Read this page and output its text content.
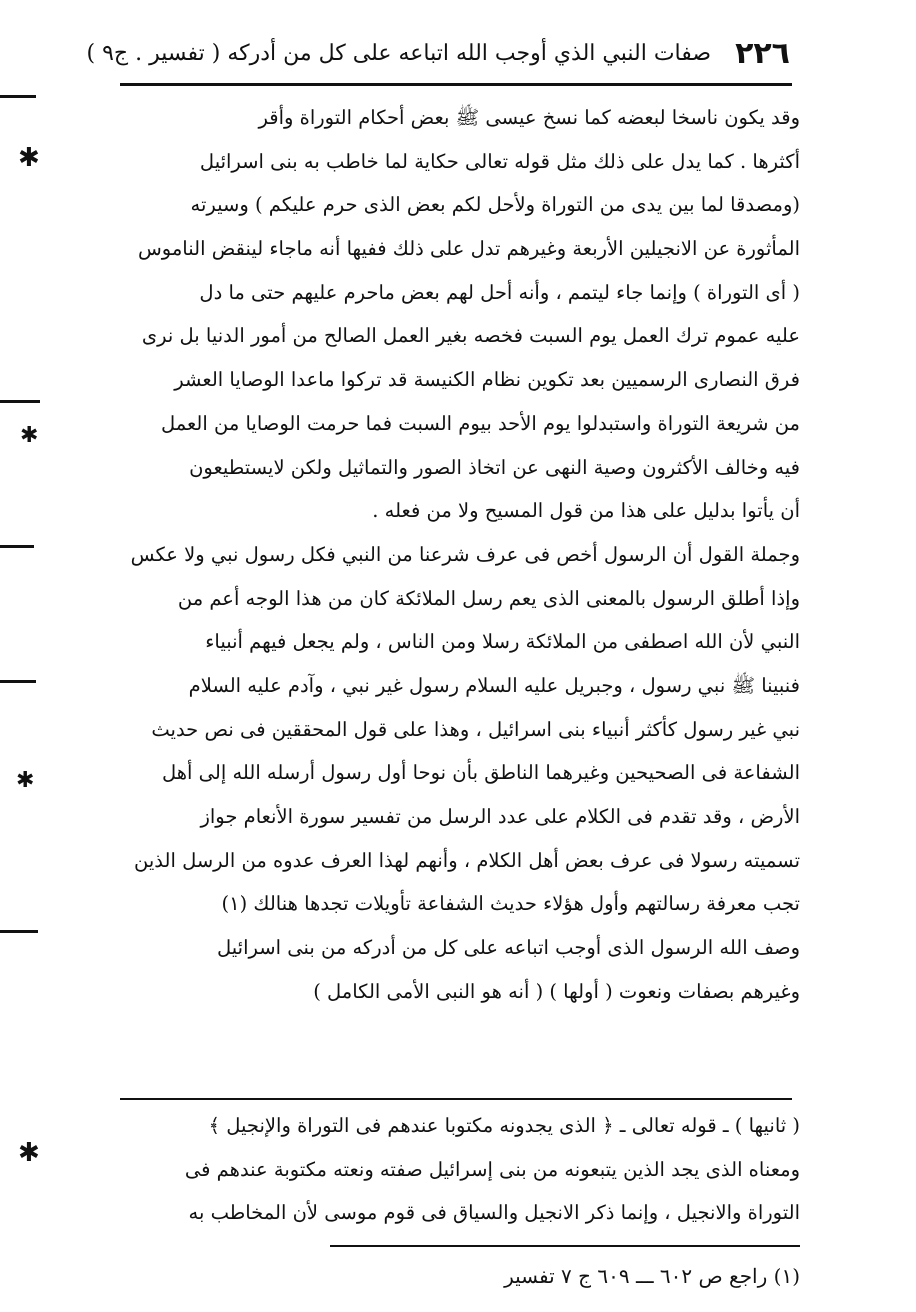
✱
✱
✱
✱
٢٢٦
صفات النبي الذي أوجب الله اتباعه على كل من أدركه ( تفسير . ج٩ )
وقد يكون ناسخا لبعضه كما نسخ عيسى ﷺ بعض أحكام التوراة وأقر
أكثرها . كما يدل على ذلك مثل قوله تعالى حكاية لما خاطب به بنى اسرائيل
(ومصدقا لما بين يدى من التوراة ولأحل لكم بعض الذى حرم عليكم ) وسيرته
المأثورة عن الانجيلين الأربعة وغيرهم تدل على ذلك ففيها أنه ماجاء لينقض الناموس
( أى التوراة ) وإنما جاء ليتمم ، وأنه أحل لهم بعض ماحرم عليهم حتى ما دل
عليه عموم ترك العمل يوم السبت فخصه بغير العمل الصالح من أمور الدنيا بل نرى
فرق النصارى الرسميين بعد تكوين نظام الكنيسة قد تركوا ماعدا الوصايا العشر
من شريعة التوراة واستبدلوا يوم الأحد بيوم السبت فما حرمت الوصايا من العمل
فيه وخالف الأكثرون وصية النهى عن اتخاذ الصور والتماثيل ولكن لايستطيعون
أن يأتوا بدليل على هذا من قول المسيح ولا من فعله .
وجملة القول أن الرسول أخص فى عرف شرعنا من النبي فكل رسول نبي ولا عكس
وإذا أطلق الرسول بالمعنى الذى يعم رسل الملائكة كان من هذا الوجه أعم من
النبي لأن الله اصطفى من الملائكة رسلا ومن الناس ، ولم يجعل فيهم أنبياء
فنبينا ﷺ نبي رسول ، وجبريل عليه السلام رسول غير نبي ، وآدم عليه السلام
نبي غير رسول كأكثر أنبياء بنى اسرائيل ، وهذا على قول المحققين فى نص حديث
الشفاعة فى الصحيحين وغيرهما الناطق بأن نوحا أول رسول أرسله الله إلى أهل
الأرض ، وقد تقدم فى الكلام على عدد الرسل من تفسير سورة الأنعام جواز
تسميته رسولا فى عرف بعض أهل الكلام ، وأنهم لهذا العرف عدوه من الرسل الذين
تجب معرفة رسالتهم وأول هؤلاء حديث الشفاعة تأويلات تجدها هنالك (١)
وصف الله الرسول الذى أوجب اتباعه على كل من أدركه من بنى اسرائيل
وغيرهم بصفات ونعوت ( أولها ) ( أنه هو النبى الأمى الكامل )
( ثانيها ) ـ قوله تعالى ـ ﴿ الذى يجدونه مكتوبا عندهم فى التوراة والإنجيل ﴾
ومعناه الذى يجد الذين يتبعونه من بنى إسرائيل صفته ونعته مكتوبة عندهم فى
التوراة والانجيل ، وإنما ذكر الانجيل والسياق فى قوم موسى لأن المخاطب به
(١) راجع ص ٦٠٢ ـــ ٦٠٩ ج ٧ تفسير
